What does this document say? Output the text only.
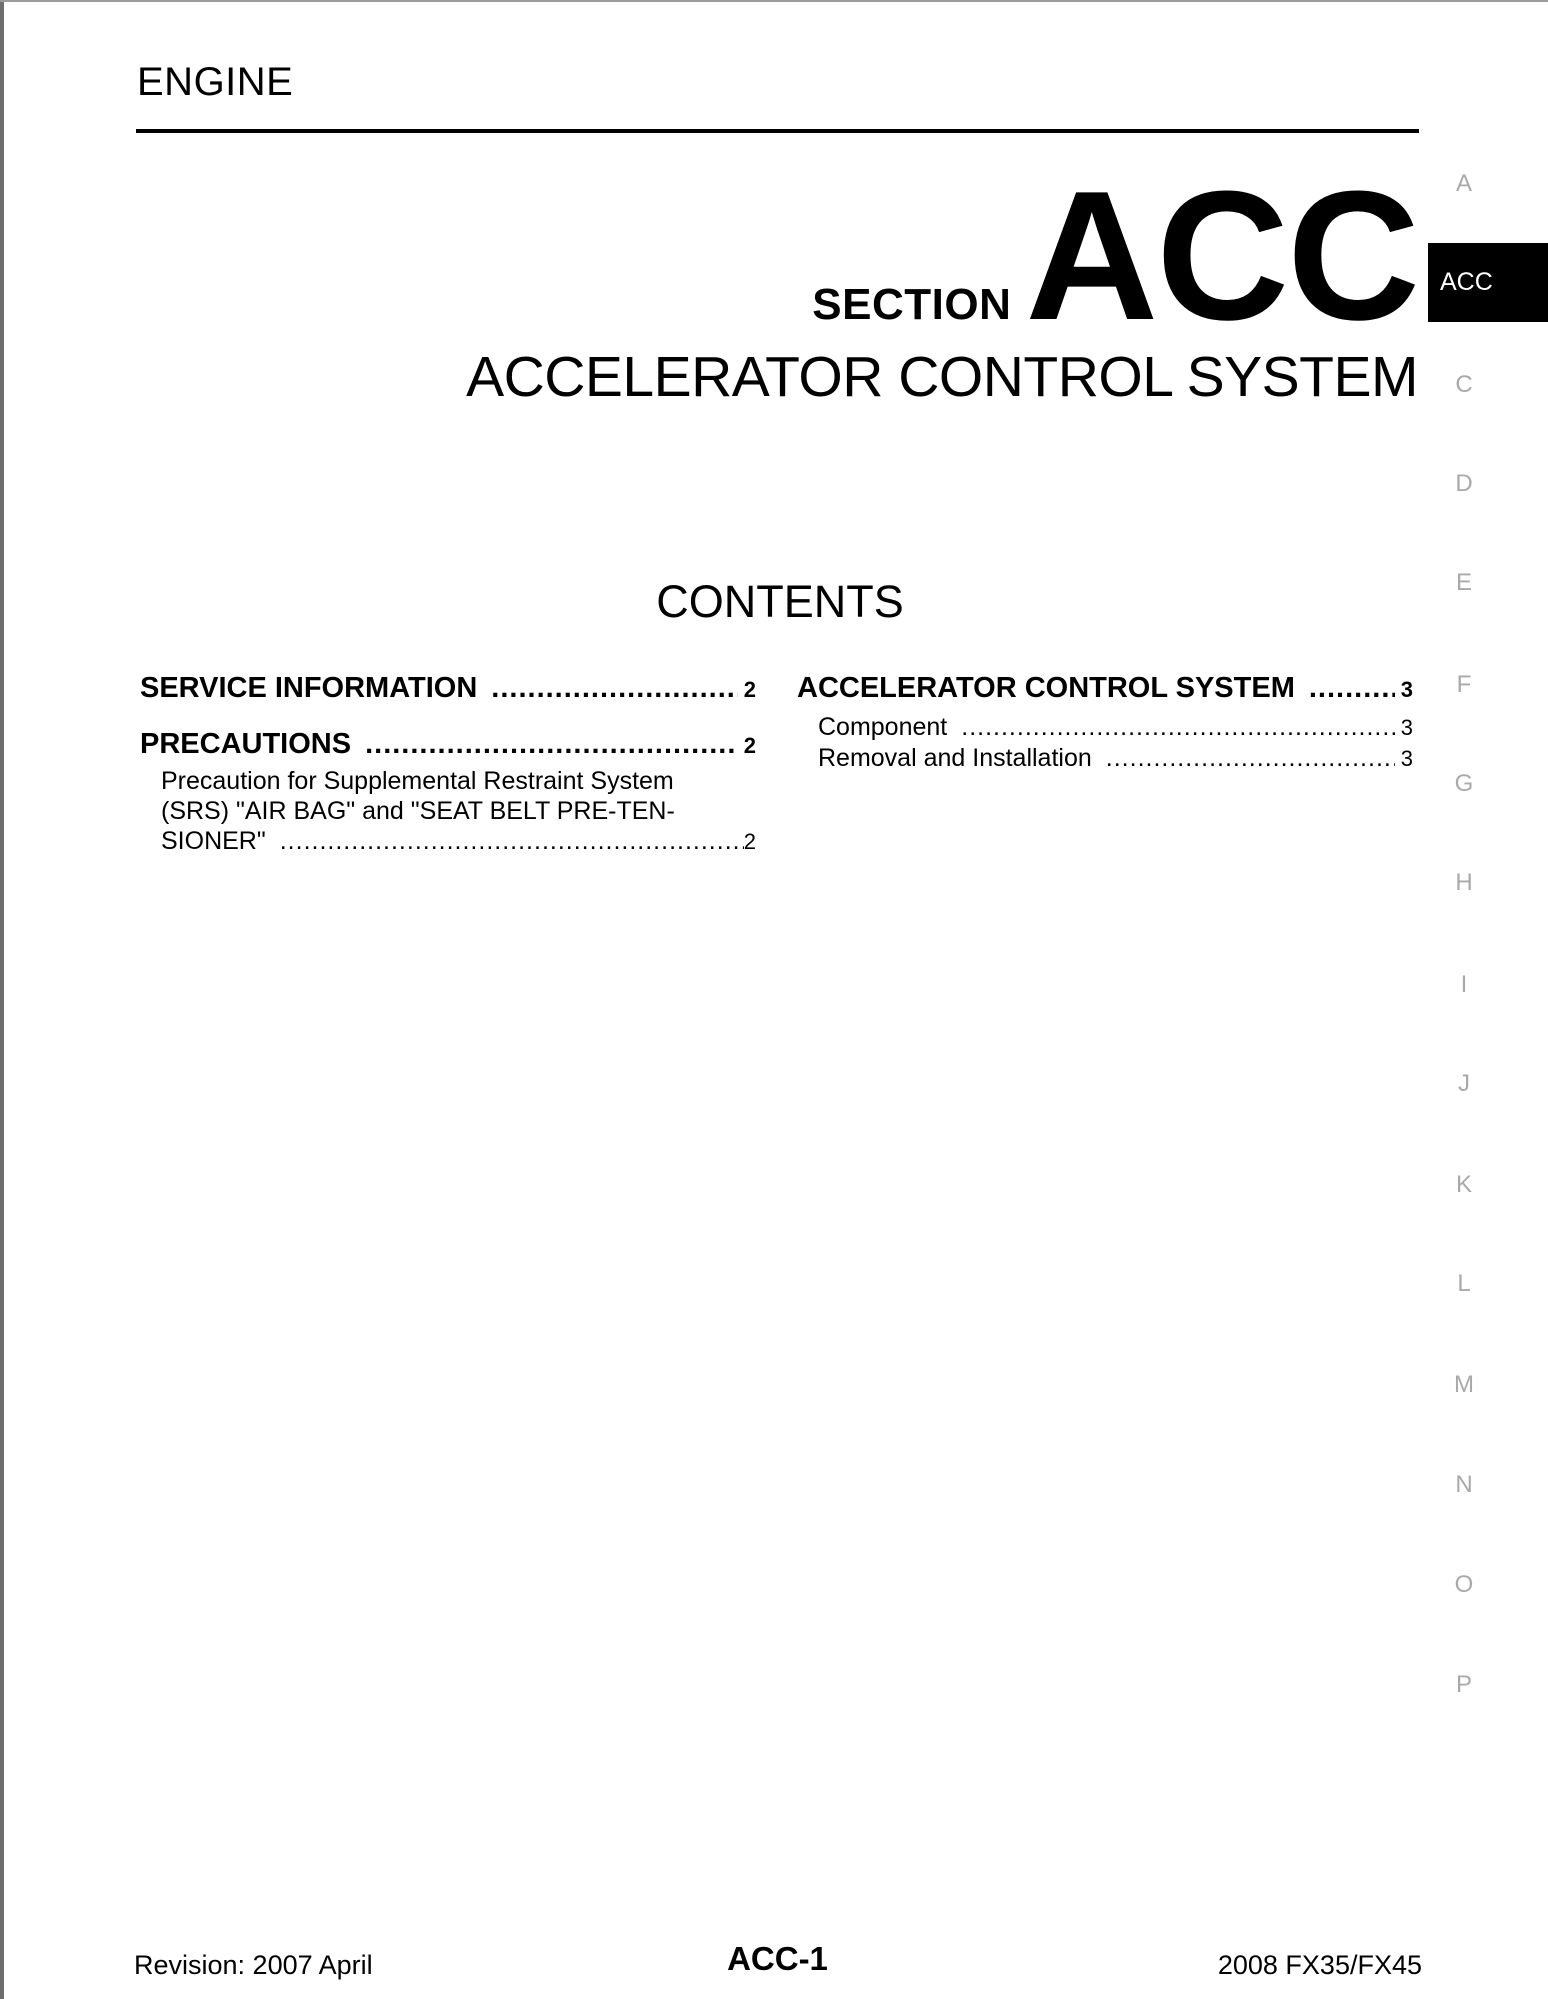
ENGINE
SECTION ACC
ACCELERATOR CONTROL SYSTEM
CONTENTS
SERVICE INFORMATION .....	2
PRECAUTIONS .....	2
Precaution for Supplemental Restraint System
(SRS) "AIR BAG" and "SEAT BELT PRE-TEN-
SIONER" .....	2
ACCELERATOR CONTROL SYSTEM .....	3
Component .....	3
Removal and Installation .....	3
A
ACC
C
D
E
F
G
H
I
J
K
L
M
N
O
P
Revision: 2007 April	ACC-1	2008 FX35/FX45
